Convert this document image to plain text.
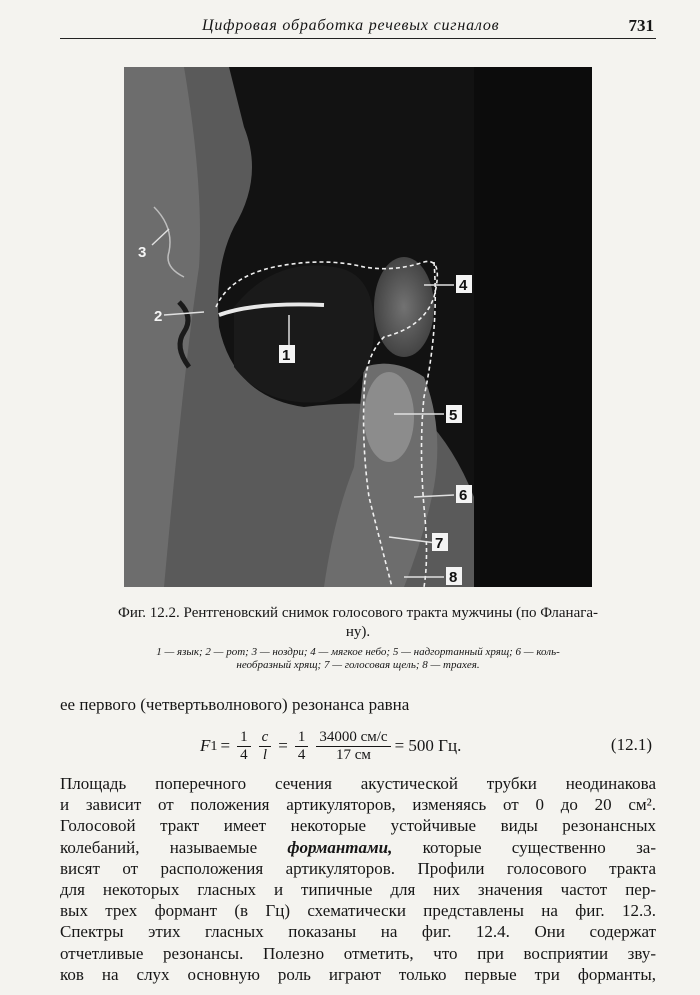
Цифровая обработка речевых сигналов	731
3
2
1
4
5
6
7
8
Фиг. 12.2. Рентгеновский снимок голосового тракта мужчины (по Фланага-
ну).
1 — язык; 2 — рот; 3 — ноздри; 4 — мягкое небо; 5 — надгортанный хрящ; 6 — коль-
необразный хрящ; 7 — голосовая щель; 8 — трахея.
ее первого (четвертьволнового) резонанса равна
F $1 = \frac{1}{4} \frac{c}{l} = \frac{1}{4} \frac{34000 см/с}{17 см} = 500$ Гц.	(12.1)
Площадь поперечного сечения акустической трубки неодинакова
и зависит от положения артикуляторов, изменяясь от 0 до 20 см².
Голосовой тракт имеет некоторые устойчивые виды резонансных
колебаний, называемые формантами, которые существенно за-
висят от расположения артикуляторов. Профили голосового тракта
для некоторых гласных и типичные для них значения частот пер-
вых трех формант (в Гц) схематически представлены на фиг. 12.3.
Спектры этих гласных показаны на фиг. 12.4. Они содержат
отчетливые резонансы. Полезно отметить, что при восприятии зву-
ков на слух основную роль играют только первые три форманты,
